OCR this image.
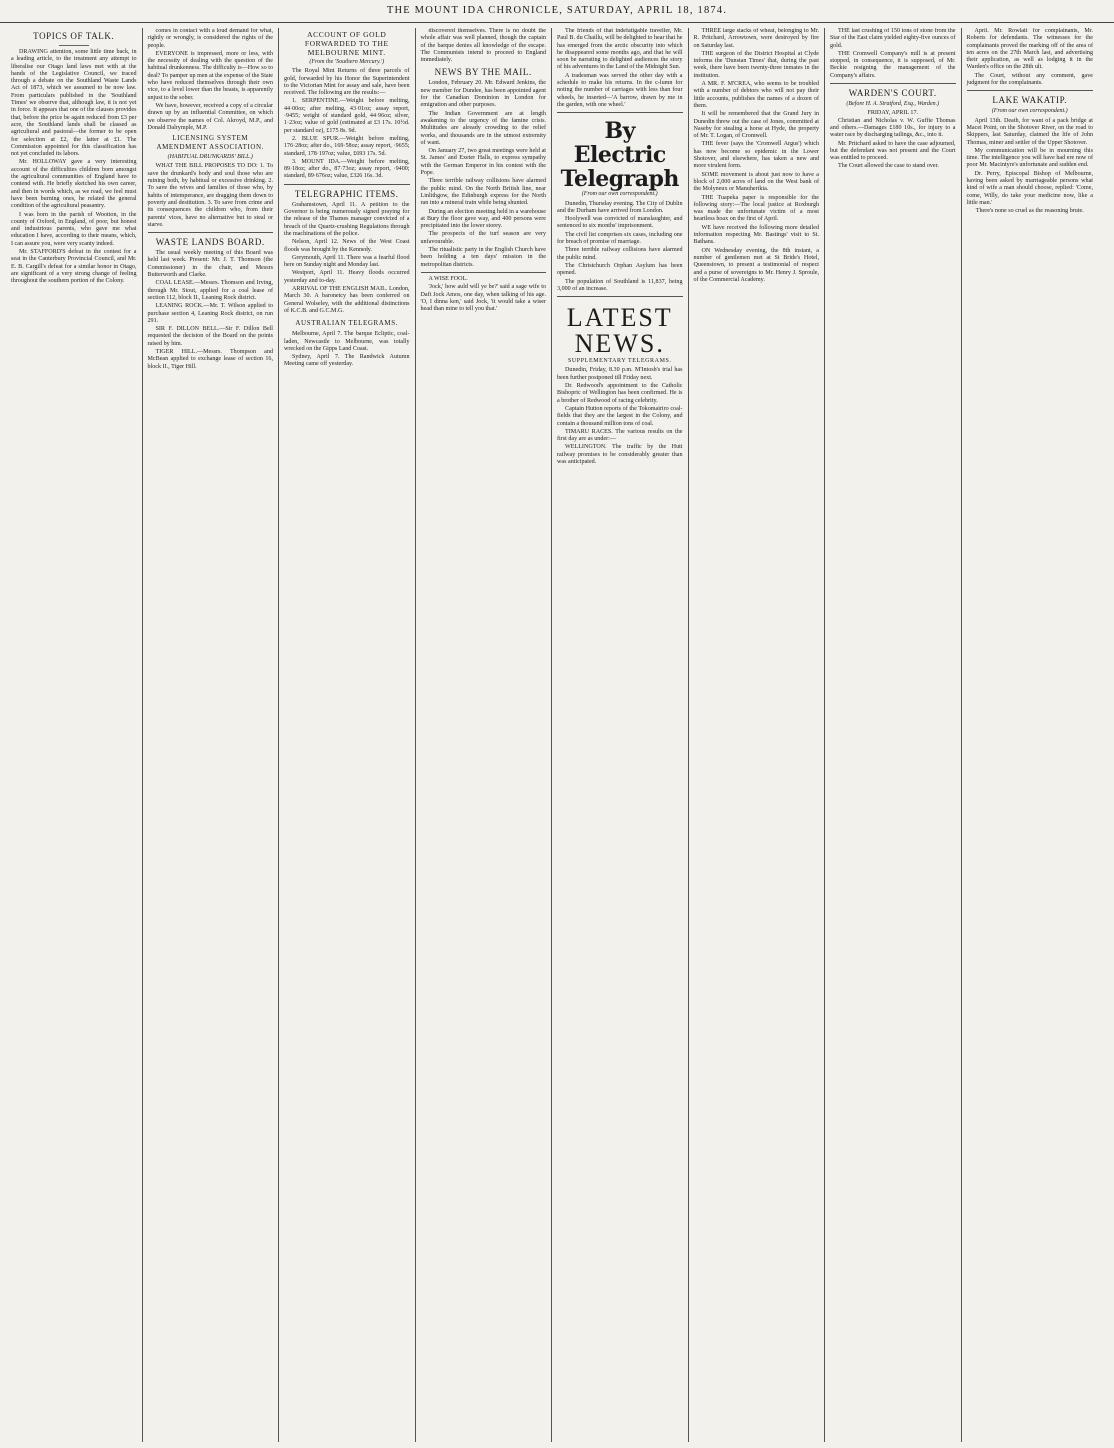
THE MOUNT IDA CHRONICLE, SATURDAY, APRIL 18, 1874.
TOPICS OF TALK.

DRAWING attention, some little time back, in a leading article, to the treatment any attempt to liberalise our Otago land laws met with at the hands of the Legislative Council, we traced through a debate on the Southland Waste Lands Act of 1873, which we assumed to be now law. From particulars published in the 'Southland Times' we observe that, although law, it is not yet in force. It appears that one of the clauses provides that, before the price be again reduced from £3 per acre, the Southland lands shall be classed as agricultural and pastoral—the former to be open for selection at £2, the latter at £1. The Commission appointed for this classification has not yet concluded its labors.

Mr. HOLLOWAY gave a very interesting account of the difficulties children born amongst the agricultural communities of England have to contend with. He briefly sketched his own career, and then in words which, as we read, we feel must have been burning ones, he related the general condition of the agricultural peasantry.

I was born in the parish of Wootton, in the county of Oxford, in England, of poor, but honest and industrious parents, who gave me what education I have, according to their means, which, I can assure you, were very scanty indeed.

Mr. STAFFORD'S defeat in the contest for a seat in the Canterbury Provincial Council, and Mr. E. B. Cargill's defeat for a similar honor in Otago, are significant of a very strong change of feeling throughout the southern portion of the Colony.

comes in contact with a loud demand for what, rightly or wrongly, is considered the rights of the people.

EVERYONE is impressed, more or less, with the necessity of dealing with the question of the habitual drunkenness. The difficulty is—How so to deal? To pamper up men at the expense of the State who have reduced themselves through their own vice, to a level lower than the beasts, is apparently unjust to the sober.

We have, however, received a copy of a circular drawn up by an influential Committee, on which we observe the names of Col. Akroyd, M.P., and Donald Dalrymple, M.P.

LICENSING SYSTEM AMENDMENT ASSOCIATION.
(HABITUAL DRUNKARDS' BILL.)

WHAT THE BILL PROPOSES TO DO: 1. To save the drunkard's body and soul those who are ruining both, by habitual or excessive drinking. 2. To save the wives and families of those who, by habits of intemperance, are dragging them down to poverty and destitution. 3. To save from crime and its consequences the children who, from their parents' vices, have no alternative but to steal or starve.

WASTE LANDS BOARD.

The usual weekly meeting of this Board was held last week. Present: Mr. J. T. Thomson (the Commissioner) in the chair, and Messrs Butterworth and Clarke.

COAL LEASE.—Messrs. Thomson and Irving, through Mr. Stout, applied for a coal lease of section 112, block II., Leaning Rock district.

LEANING ROCK.—Mr. T. Wilson applied to purchase section 4, Leaning Rock district, on run 291.

SIR F. DILLON BELL.—Sir F. Dillon Bell requested the decision of the Board on the points raised by him.

TIGER HILL.—Messrs. Thompson and McBean applied to exchange lease of section 16, block II., Tiger Hill.

ACCOUNT OF GOLD FORWARDED TO THE MELBOURNE MINT.
(From the 'Southern Mercury.')

The Royal Mint Returns of three parcels of gold, forwarded by his Honor the Superintendent to the Victorian Mint for assay and sale, have been received. The following are the results:—

1. SERPENTINE.—Weight before melting, 44·00oz; after melting, 43·01oz; assay report, ·9455; weight of standard gold, 44·96oz; silver, 1·23oz; value of gold (estimated at £3 17s. 10½d. per standard oz), £175 8s. 9d.

2. BLUE SPUR.—Weight before melting, 176·28oz; after do., 169·58oz; assay report, ·9655; standard, 178·197oz; value, £693 17s. 5d.

3. MOUNT IDA.—Weight before melting, 89·18oz; after do., 87·73oz; assay report, ·9400; standard, 89·676oz; value, £326 16s. 3d.

TELEGRAPHIC ITEMS.

Grahamstown, April 11. A petition to the Governor is being numerously signed praying for the release of the Thames manager convicted of a breach of the Quartz-crushing Regulations through the machinations of the police.

Nelson, April 12. News of the West Coast floods was brought by the Kennedy.

Greymouth, April 11. There was a fearful flood here on Sunday night and Monday last.

Westport, April 11. Heavy floods occurred yesterday and to-day.

ARRIVAL OF THE ENGLISH MAIL. London, March 30. A baronetcy has been conferred on General Wolseley, with the additional distinctions of K.C.B. and G.C.M.G.

AUSTRALIAN TELEGRAMS.

Melbourne, April 7. The barque Ecliptic, coal-laden, Newcastle to Melbourne, was totally wrecked on the Gipps Land Coast.

Sydney, April 7. The Randwick Autumn Meeting came off yesterday.

discovered themselves. There is no doubt the whole affair was well planned, though the captain of the barque denies all knowledge of the escape. The Communists intend to proceed to England immediately.

NEWS BY THE MAIL.

London, February 20. Mr. Edward Jenkins, the new member for Dundee, has been appointed agent for the Canadian Dominion in London for emigration and other purposes.

The Indian Government are at length awakening to the urgency of the famine crisis. Multitudes are already crowding to the relief works, and thousands are in the utmost extremity of want.

On January 27, two great meetings were held at St. James' and Exeter Halls, to express sympathy with the German Emperor in his contest with the Pope.

Three terrible railway collisions have alarmed the public mind. On the North British line, near Linlithgow, the Edinburgh express for the North ran into a mineral train while being shunted.

During an election meeting held in a warehouse at Bury the floor gave way, and 400 persons were precipitated into the lower storey.

The prospects of the turf season are very unfavourable.

The ritualistic party in the English Church have been holding a ten days' mission in the metropolitan districts.

A WISE FOOL.

'Jock,' how auld will ye be?' said a sage wife to Daft Jock Amos, one day, when talking of his age. 'O, I dinna ken,' said Jock, 'it would take a wiser head than mine to tell you that.'

The friends of that indefatigable traveller, Mr. Paul B. du Chaillu, will be delighted to hear that he has emerged from the arctic obscurity into which he disappeared some months ago, and that he will soon be narrating to delighted audiences the story of his adventures in the Land of the Midnight Sun.

A tradesman was served the other day with a schedule to make his returns. In the c-lumn for noting the number of carriages with less than four wheels, he inserted—'A barrow, drawn by me in the garden, with one wheel.'

By Electric Telegraph
(From our own correspondent.)

Dunedin, Thursday evening. The City of Dublin and the Durham have arrived from London.

Hoolywell was convicted of manslaughter, and sentenced to six months' imprisonment.

The civil list comprises six cases, including one for breach of promise of marriage.

Three terrible railway collisions have alarmed the public mind.

The Christchurch Orphan Asylum has been opened.

The population of Southland is 11,837, being 3,000 of an increase.

LATEST NEWS.
SUPPLEMENTARY TELEGRAMS.

Dunedin, Friday, 8.30 p.m. M'Intosh's trial has been further postponed till Friday next.

Dr. Redwood's appointment to the Catholic Bishopric of Wellington has been confirmed. He is a brother of Redwood of racing celebrity.

Captain Hutton reports of the Tokomairiro coal-fields that they are the largest in the Colony, and contain a thousand million tons of coal.

TIMARU RACES. The various results on the first day are as under:—

WELLINGTON. The traffic by the Hutt railway promises to be considerably greater than was anticipated.

THREE large stacks of wheat, belonging to Mr. R. Pritchard, Arrowtown, were destroyed by fire on Saturday last.

THE surgeon of the District Hospital at Clyde informs the 'Dunstan Times' that, during the past week, there have been twenty-three inmates in the institution.

A MR. F. M'CREA, who seems to be troubled with a number of debtors who will not pay their little accounts, publishes the names of a dozen of them.

It will be remembered that the Grand Jury in Dunedin threw out the case of Jones, committed at Naseby for stealing a horse at Hyde, the property of Mr. T. Logan, of Cromwell.

THE fever (says the 'Cromwell Argus') which has now become so epidemic in the Lower Shotover, and elsewhere, has taken a new and more virulent form.

SOME movement is about just now to have a block of 2,000 acres of land on the West bank of the Molyneux or Manuherikia.

THE Tuapeka paper is responsible for the following story:—The local justice at Roxburgh was made the unfortunate victim of a most heartless hoax on the first of April.

WE have received the following more detailed information respecting Mr. Bastings' visit to St. Bathans.

ON Wednesday evening, the 8th instant, a number of gentlemen met at St Bride's Hotel, Queenstown, to present a testimonial of respect and a purse of sovereigns to Mr. Henry J. Sproule, of the Commercial Academy.

THE last crushing of 150 tons of stone from the Star of the East claim yielded eighty-five ounces of gold.

THE Cromwell Company's mill is at present stopped, in consequence, it is supposed, of Mr. Beckie resigning the management of the Company's affairs.

WARDEN'S COURT.
(Before H. A. Stratford, Esq., Warden.)
FRIDAY, APRIL 17.

Christian and Nicholas v. W. Guffie Thomas and others.—Damages £180 10s., for injury to a water race by discharging tailings, &c., into it.

Mr. Pritchard asked to have the case adjourned, but the defendant was not present and the Court was entitled to proceed.

The Court allowed the case to stand over.

April. Mr. Rowlatt for complainants, Mr. Roberts for defendants. The witnesses for the complainants proved the marking off of the area of ten acres on the 27th March last, and advertising their application, as well as lodging it in the Warden's office on the 28th ult.

The Court, without any comment, gave judgment for the complainants.

LAKE WAKATIP.
(From our own correspondent.)

April 13th. Death, for want of a pack bridge at Macei Point, on the Shotover River, on the road to Skippers, last Saturday, claimed the life of John Thomas, miner and settler of the Upper Shotover.

My communication will be in mourning this time. The intelligence you will have had ere now of poor Mr. Macintyre's unfortunate and sudden end.

Dr. Perry, Episcopal Bishop of Melbourne, having been asked by marriageable persons what kind of wife a man should choose, replied: 'Come, come, Willy, do take your medicine now, like a little man.'

There's none so cruel as the reasoning brute.
